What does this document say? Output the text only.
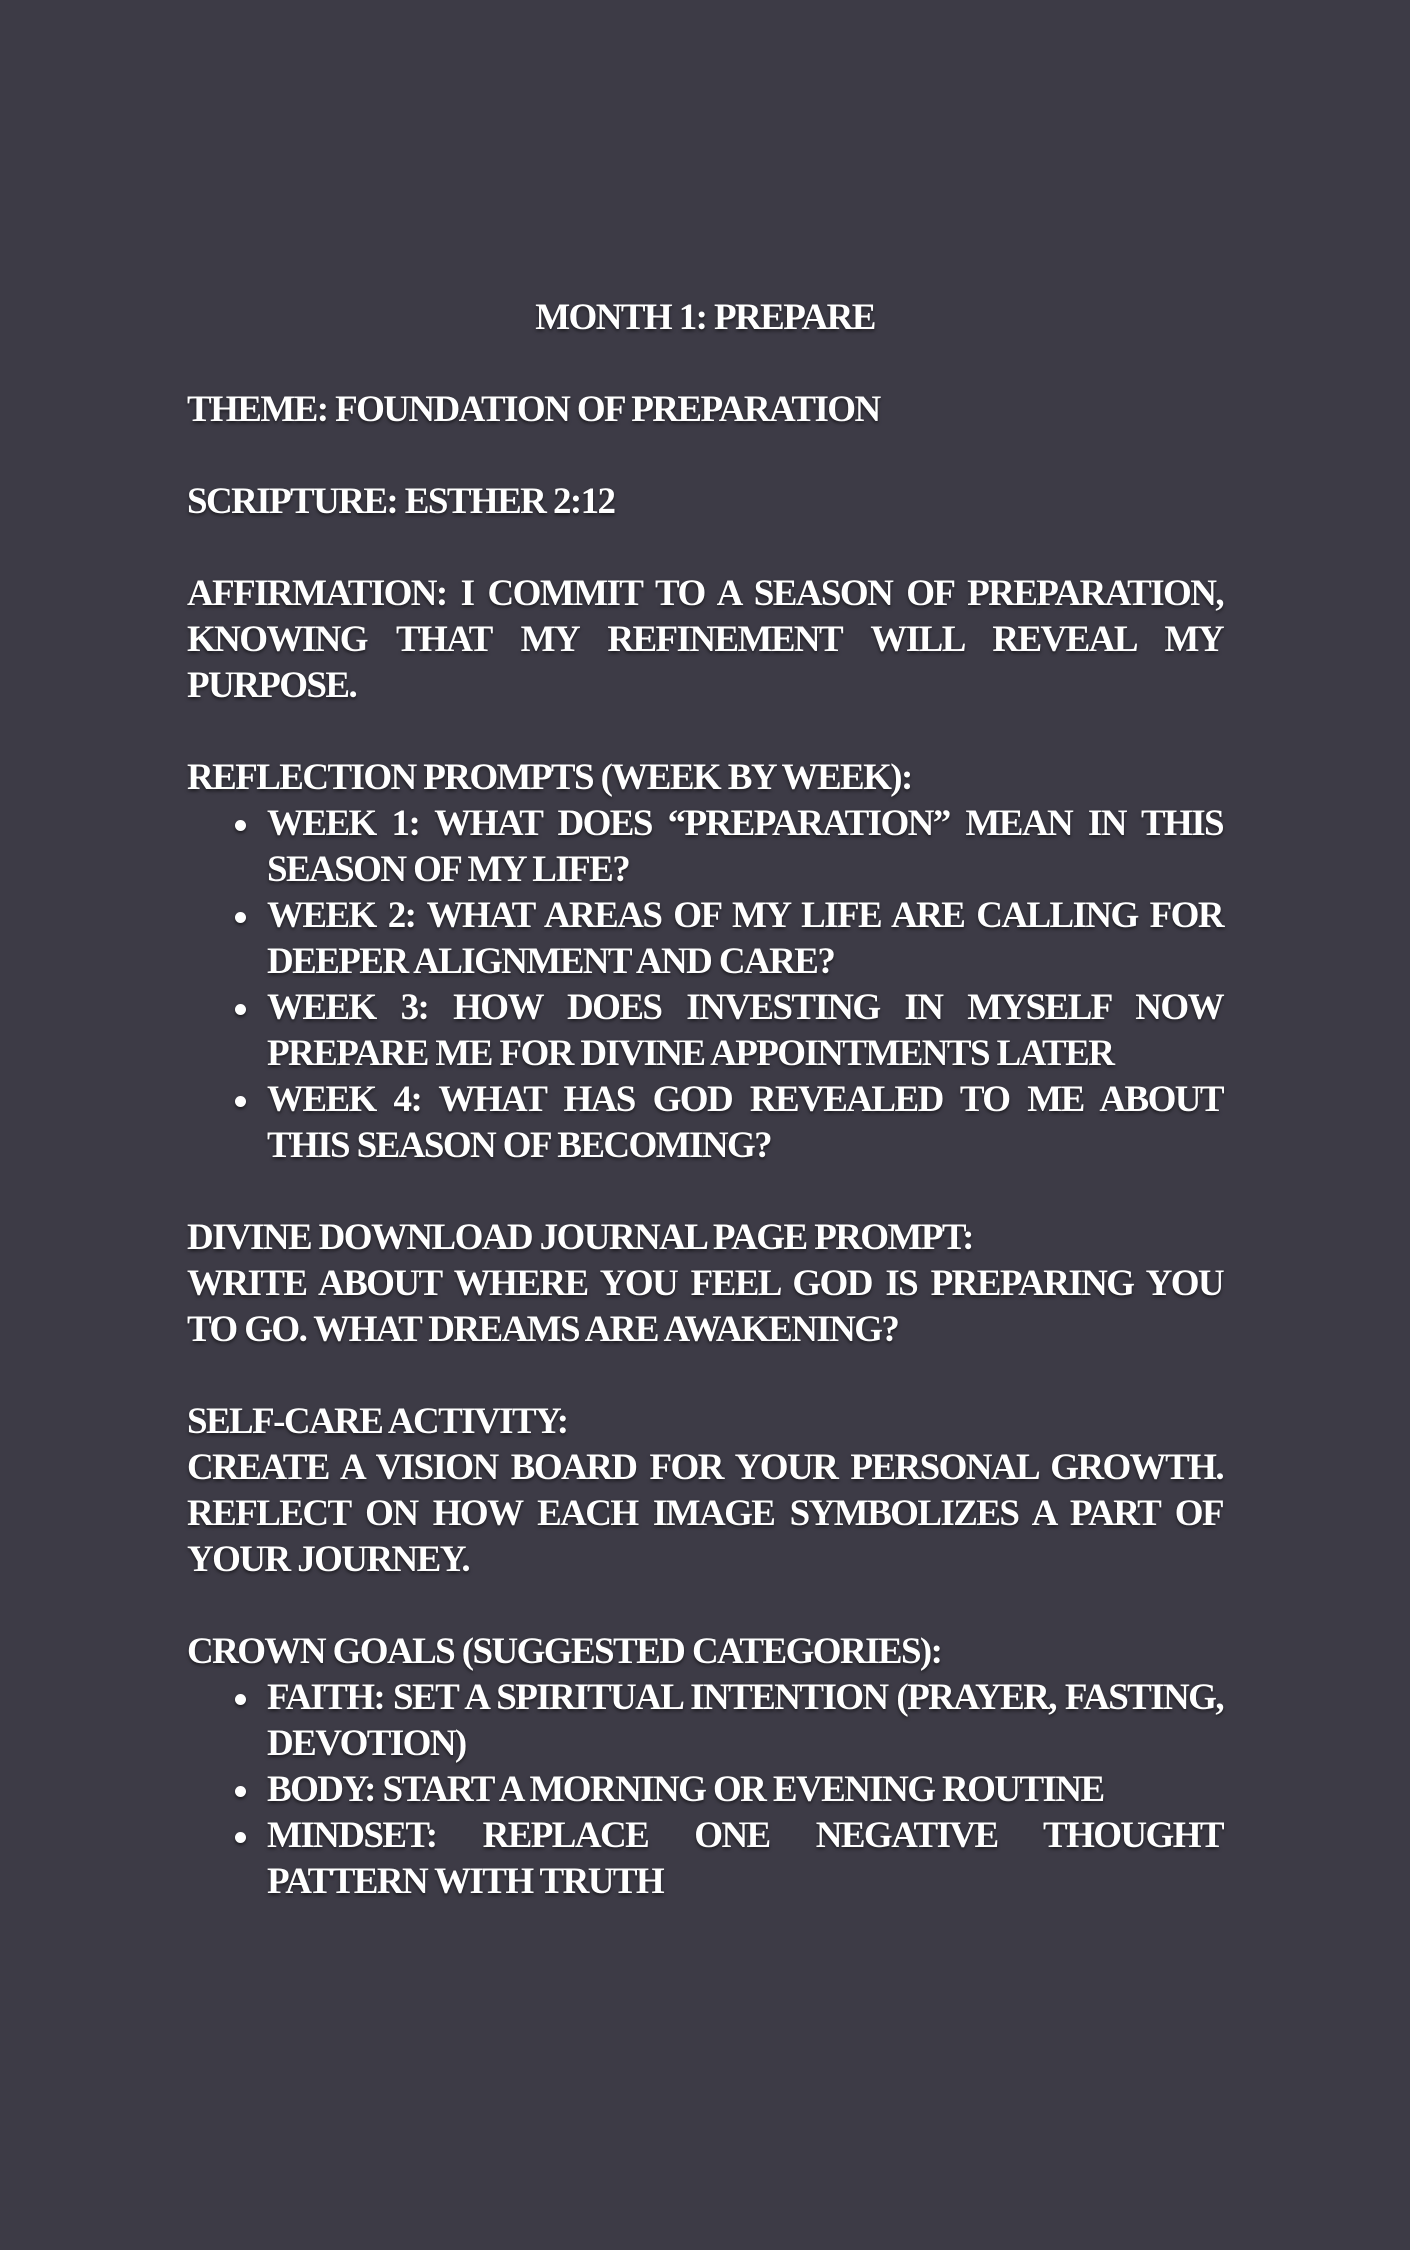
MONTH 1: PREPARE
THEME: FOUNDATION OF PREPARATION
SCRIPTURE: ESTHER 2:12
AFFIRMATION: I COMMIT TO A SEASON OF PREPARATION, KNOWING THAT MY REFINEMENT WILL REVEAL MY PURPOSE.

REFLECTION PROMPTS (WEEK BY WEEK):

WEEK 1: WHAT DOES “PREPARATION” MEAN IN THIS SEASON OF MY LIFE?
WEEK 2: WHAT AREAS OF MY LIFE ARE CALLING FOR DEEPER ALIGNMENT AND CARE?
WEEK 3: HOW DOES INVESTING IN MYSELF NOW PREPARE ME FOR DIVINE APPOINTMENTS LATER
WEEK 4: WHAT HAS GOD REVEALED TO ME ABOUT THIS SEASON OF BECOMING?

DIVINE DOWNLOAD JOURNAL PAGE PROMPT:

WRITE ABOUT WHERE YOU FEEL GOD IS PREPARING YOU TO GO. WHAT DREAMS ARE AWAKENING?

SELF-CARE ACTIVITY:

CREATE A VISION BOARD FOR YOUR PERSONAL GROWTH. REFLECT ON HOW EACH IMAGE SYMBOLIZES A PART OF YOUR JOURNEY.

CROWN GOALS (SUGGESTED CATEGORIES):

FAITH: SET A SPIRITUAL INTENTION (PRAYER, FASTING, DEVOTION)
BODY: START A MORNING OR EVENING ROUTINE
MINDSET: REPLACE ONE NEGATIVE THOUGHT PATTERN WITH TRUTH
